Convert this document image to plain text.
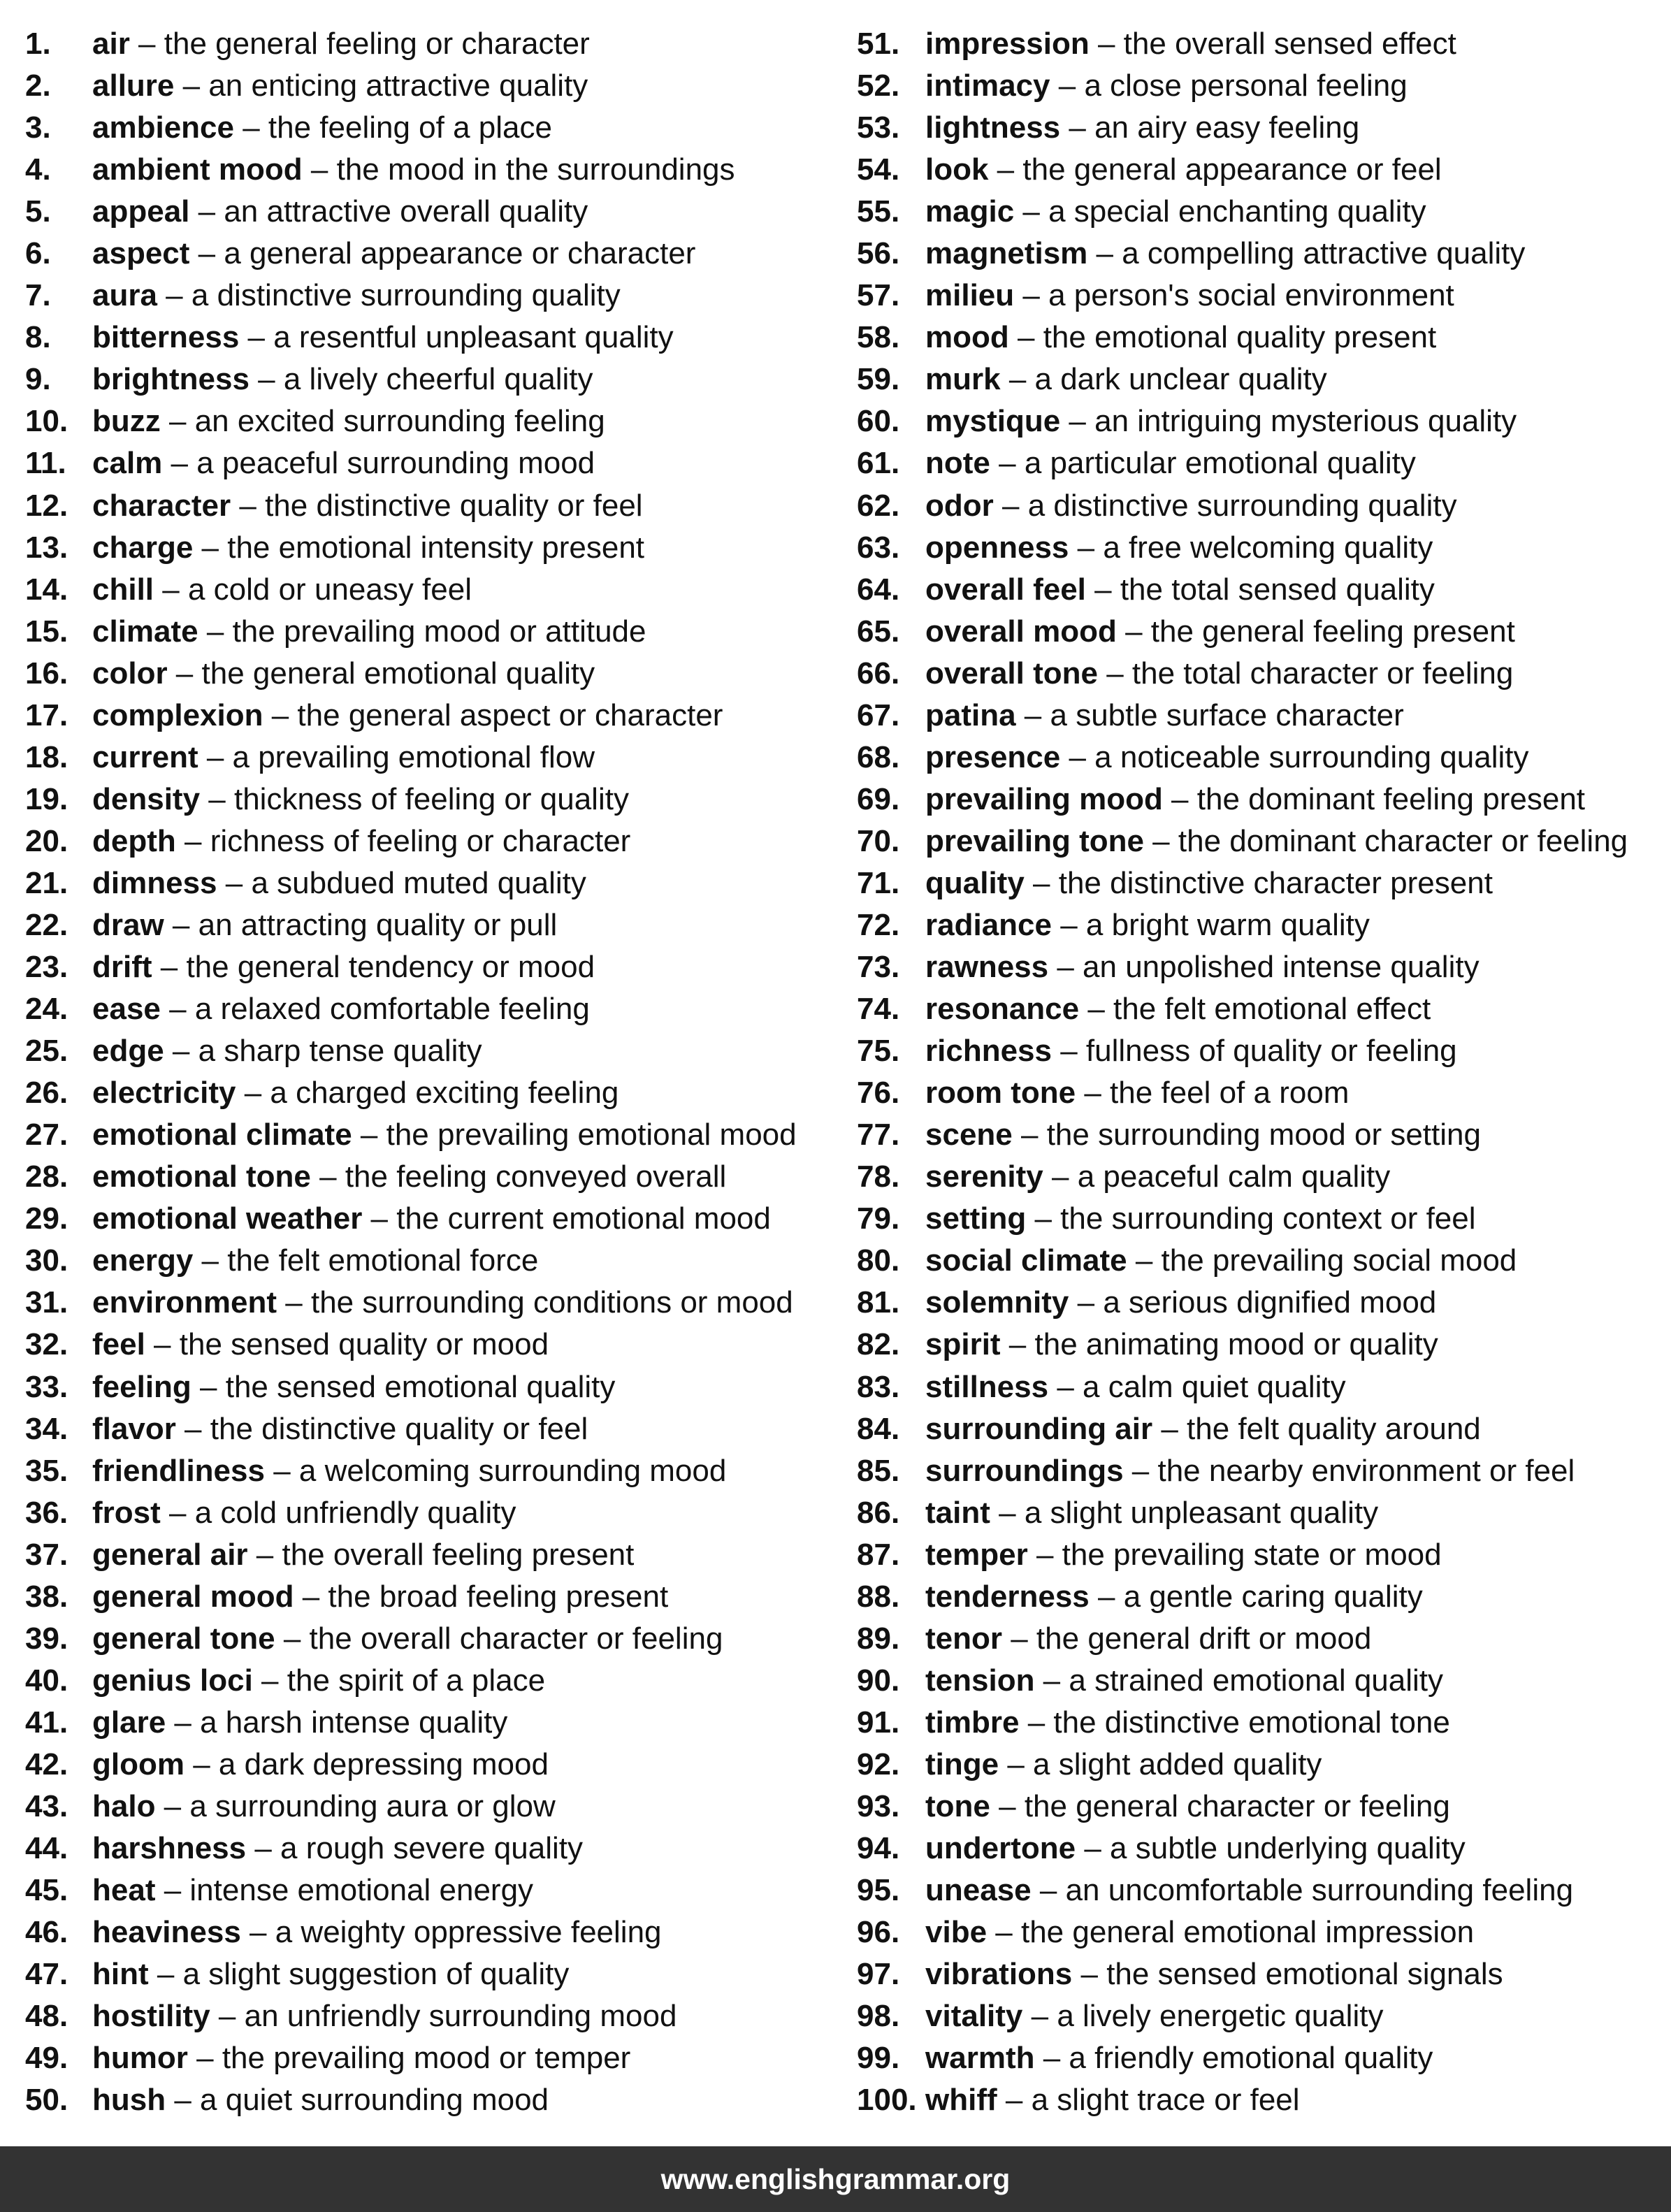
1. air – the general feeling or character
2. allure – an enticing attractive quality
3. ambience – the feeling of a place
4. ambient mood – the mood in the surroundings
5. appeal – an attractive overall quality
6. aspect – a general appearance or character
7. aura – a distinctive surrounding quality
8. bitterness – a resentful unpleasant quality
9. brightness – a lively cheerful quality
10. buzz – an excited surrounding feeling
11. calm – a peaceful surrounding mood
12. character – the distinctive quality or feel
13. charge – the emotional intensity present
14. chill – a cold or uneasy feel
15. climate – the prevailing mood or attitude
16. color – the general emotional quality
17. complexion – the general aspect or character
18. current – a prevailing emotional flow
19. density – thickness of feeling or quality
20. depth – richness of feeling or character
21. dimness – a subdued muted quality
22. draw – an attracting quality or pull
23. drift – the general tendency or mood
24. ease – a relaxed comfortable feeling
25. edge – a sharp tense quality
26. electricity – a charged exciting feeling
27. emotional climate – the prevailing emotional mood
28. emotional tone – the feeling conveyed overall
29. emotional weather – the current emotional mood
30. energy – the felt emotional force
31. environment – the surrounding conditions or mood
32. feel – the sensed quality or mood
33. feeling – the sensed emotional quality
34. flavor – the distinctive quality or feel
35. friendliness – a welcoming surrounding mood
36. frost – a cold unfriendly quality
37. general air – the overall feeling present
38. general mood – the broad feeling present
39. general tone – the overall character or feeling
40. genius loci – the spirit of a place
41. glare – a harsh intense quality
42. gloom – a dark depressing mood
43. halo – a surrounding aura or glow
44. harshness – a rough severe quality
45. heat – intense emotional energy
46. heaviness – a weighty oppressive feeling
47. hint – a slight suggestion of quality
48. hostility – an unfriendly surrounding mood
49. humor – the prevailing mood or temper
50. hush – a quiet surrounding mood
51. impression – the overall sensed effect
52. intimacy – a close personal feeling
53. lightness – an airy easy feeling
54. look – the general appearance or feel
55. magic – a special enchanting quality
56. magnetism – a compelling attractive quality
57. milieu – a person's social environment
58. mood – the emotional quality present
59. murk – a dark unclear quality
60. mystique – an intriguing mysterious quality
61. note – a particular emotional quality
62. odor – a distinctive surrounding quality
63. openness – a free welcoming quality
64. overall feel – the total sensed quality
65. overall mood – the general feeling present
66. overall tone – the total character or feeling
67. patina – a subtle surface character
68. presence – a noticeable surrounding quality
69. prevailing mood – the dominant feeling present
70. prevailing tone – the dominant character or feeling
71. quality – the distinctive character present
72. radiance – a bright warm quality
73. rawness – an unpolished intense quality
74. resonance – the felt emotional effect
75. richness – fullness of quality or feeling
76. room tone – the feel of a room
77. scene – the surrounding mood or setting
78. serenity – a peaceful calm quality
79. setting – the surrounding context or feel
80. social climate – the prevailing social mood
81. solemnity – a serious dignified mood
82. spirit – the animating mood or quality
83. stillness – a calm quiet quality
84. surrounding air – the felt quality around
85. surroundings – the nearby environment or feel
86. taint – a slight unpleasant quality
87. temper – the prevailing state or mood
88. tenderness – a gentle caring quality
89. tenor – the general drift or mood
90. tension – a strained emotional quality
91. timbre – the distinctive emotional tone
92. tinge – a slight added quality
93. tone – the general character or feeling
94. undertone – a subtle underlying quality
95. unease – an uncomfortable surrounding feeling
96. vibe – the general emotional impression
97. vibrations – the sensed emotional signals
98. vitality – a lively energetic quality
99. warmth – a friendly emotional quality
100. whiff – a slight trace or feel
www.englishgrammar.org
